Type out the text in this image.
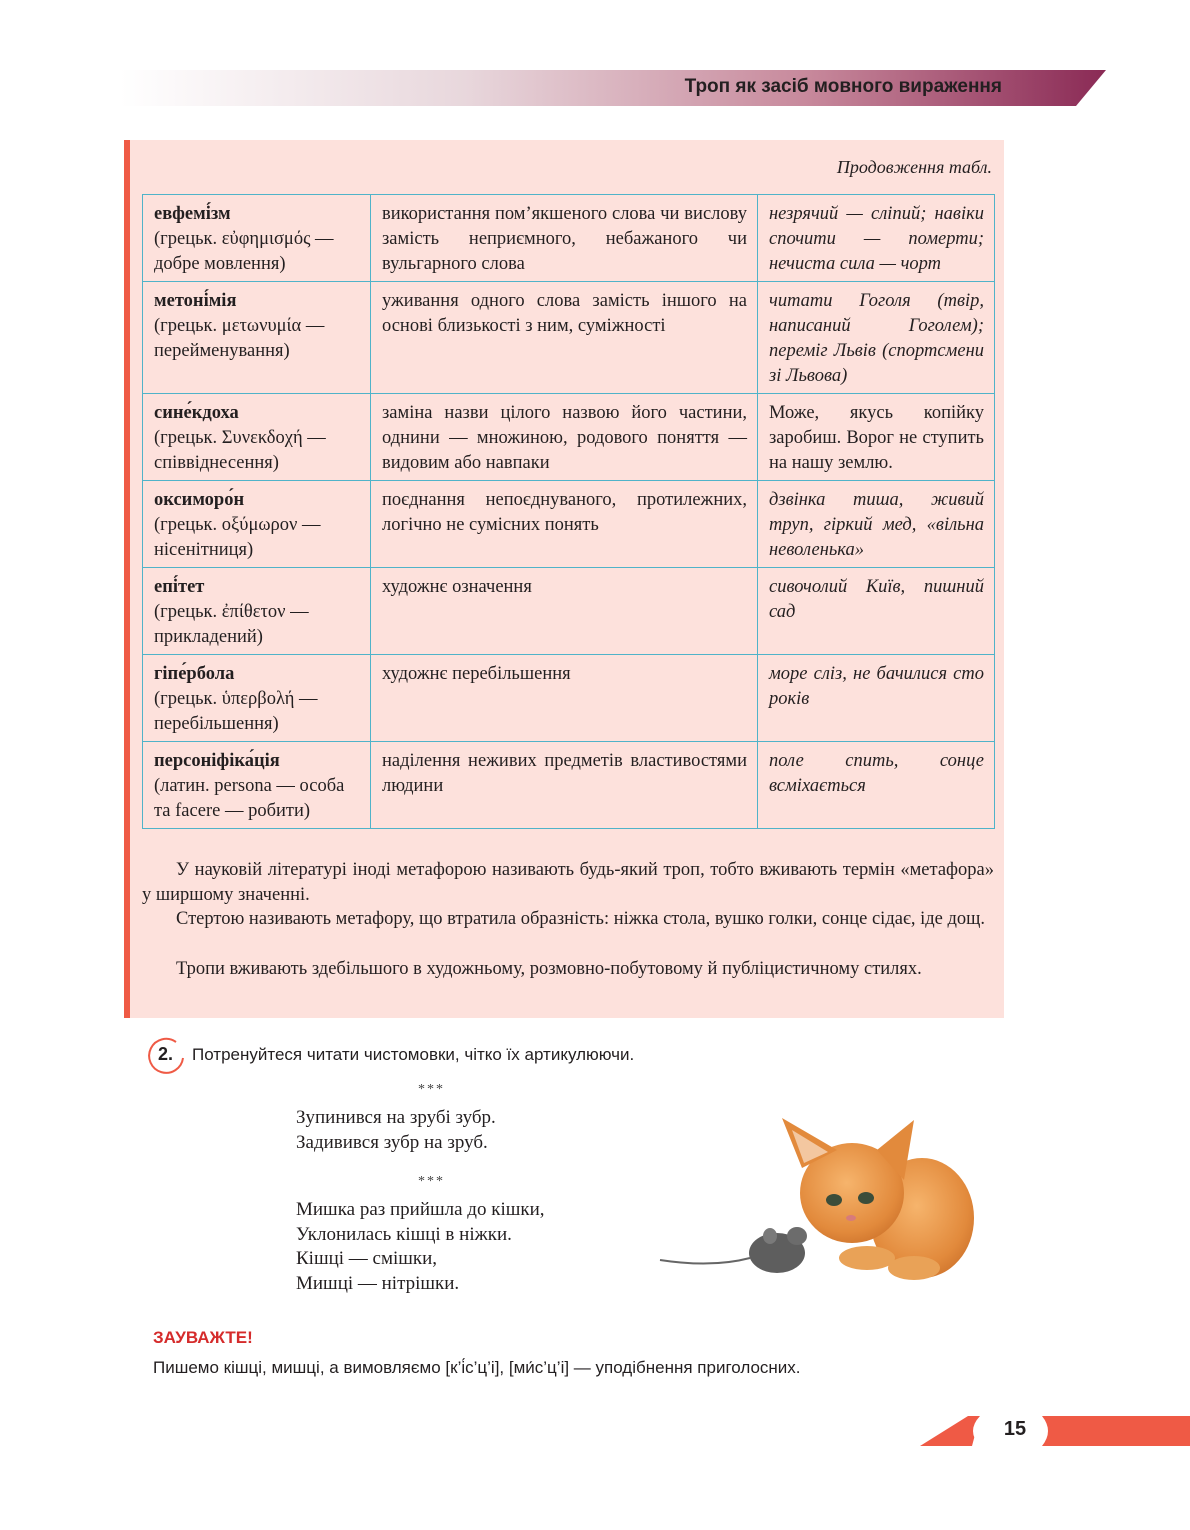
Троп як засіб мовного вираження
Продовження табл.
евфемі́зм
(грецьк. εὐφημισμός — добре мовлення)	використання пом’якшеного слова чи вислову замість неприємного, небажаного чи вульгарного слова	незрячий — сліпий; навіки спочити — померти; нечиста сила — чорт

метоні́мія
(грецьк. μετωνυμία — перейменування)	уживання одного слова замість іншого на основі близькості з ним, суміжності	читати Гоголя (твір, написаний Гоголем); переміг Львів (спортсмени зі Львова)

сине́кдоха
(грецьк. Συνεκδοχή — співвіднесення)	заміна назви цілого назвою його частини, однини — множиною, родового поняття — видовим або навпаки	Може, якусь копійку заробиш. Ворог не ступить на нашу землю.

оксиморо́н
(грецьк. οξύμωρον — нісенітниця)	поєднання непоєднуваного, протилежних, логічно не сумісних понять	дзвінка тиша, живий труп, гіркий мед, «вільна неволенька»

епі́тет
(грецьк. ἐπίθετον — прикладений)	художнє означення	сивочолий Київ, пишний сад

гіпе́рбола
(грецьк. ὑπερβολή — перебільшення)	художнє перебільшення	море сліз, не бачилися сто років

персоніфіка́ція
(латин. persona — особа та facere — робити)	наділення неживих предметів властивостями людини	поле спить, сонце всміхається
У науковій літературі іноді метафорою називають будь-який троп, тобто вживають термін «метафора» у ширшому значенні.
Стертою називають метафору, що втратила образність: ніжка стола, вушко голки, сонце сідає, іде дощ.
Тропи вживають здебільшого в художньому, розмовно-побутовому й публіцистичному стилях.
2. Потренуйтеся читати чистомовки, чітко їх артикулюючи.
***
Зупинився на зрубі зубр.
Задивився зубр на зруб.
***
Мишка раз прийшла до кішки,
Уклонилась кішці в ніжки.
Кішці — смішки,
Мишці — нітрішки.
ЗАУВАЖТЕ!
Пишемо кішці, мишці, а вимовляємо [к’і́с’ц’і], [ми́с’ц’і] — уподібнення приголосних.
15
